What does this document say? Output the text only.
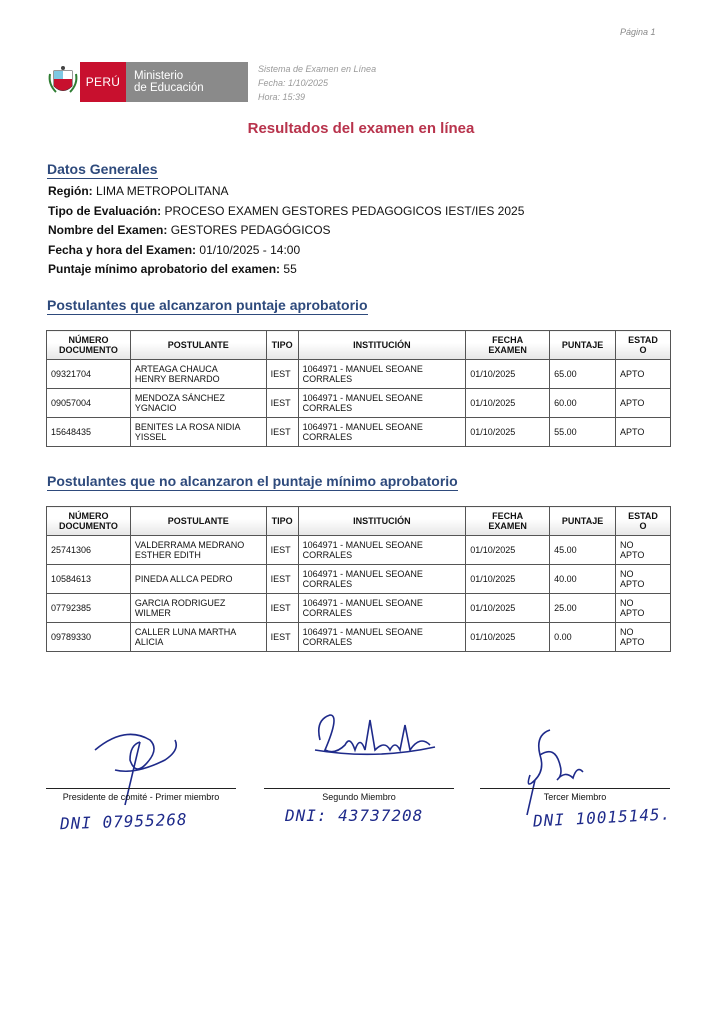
Página 1
PERÚ	Ministerio
de Educación
Sistema de Examen en Línea
Fecha: 1/10/2025
Hora: 15:39
Resultados del examen en línea
Datos Generales
Región: LIMA METROPOLITANA
Tipo de Evaluación: PROCESO EXAMEN GESTORES PEDAGOGICOS IEST/IES 2025
Nombre del Examen: GESTORES PEDAGÓGICOS
Fecha y hora del Examen: 01/10/2025 - 14:00
Puntaje mínimo aprobatorio del examen: 55
Postulantes que alcanzaron puntaje aprobatorio
NÚMERO
DOCUMENTO	POSTULANTE	TIPO	INSTITUCIÓN	FECHA
EXAMEN	PUNTAJE	ESTAD
O
09321704	ARTEAGA CHAUCA
HENRY BERNARDO	IEST	1064971 - MANUEL SEOANE
CORRALES	01/10/2025	65.00	APTO

09057004	MENDOZA SÁNCHEZ
YGNACIO	IEST	1064971 - MANUEL SEOANE
CORRALES	01/10/2025	60.00	APTO

15648435	BENITES LA ROSA NIDIA
YISSEL	IEST	1064971 - MANUEL SEOANE
CORRALES	01/10/2025	55.00	APTO

Postulantes que no alcanzaron el puntaje mínimo aprobatorio
NÚMERO
DOCUMENTO	POSTULANTE	TIPO	INSTITUCIÓN	FECHA
EXAMEN	PUNTAJE	ESTAD
O
25741306	VALDERRAMA MEDRANO
ESTHER EDITH	IEST	1064971 - MANUEL SEOANE
CORRALES	01/10/2025	45.00	NO
APTO
10584613	PINEDA ALLCA PEDRO	IEST	1064971 - MANUEL SEOANE
CORRALES	01/10/2025	40.00	NO
APTO
07792385	GARCIA RODRIGUEZ
WILMER	IEST	1064971 - MANUEL SEOANE
CORRALES	01/10/2025	25.00	NO
APTO
09789330	CALLER LUNA MARTHA
ALICIA	IEST	1064971 - MANUEL SEOANE
CORRALES	01/10/2025	0.00	NO
APTO
Presidente de comité - Primer miembro	Segundo Miembro	Tercer Miembro
DNI 07955268	DNI: 43737208	DNI 10015145.
